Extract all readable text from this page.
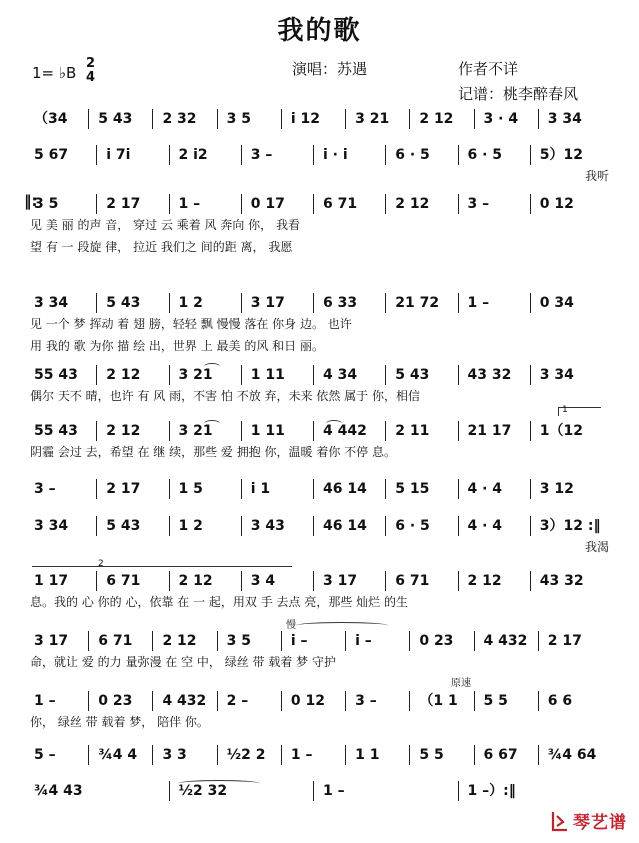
我的歌
1= ♭B
2
4	演唱：苏遇	作者不详
记谱：桃李醉春风
（34 5 43 2 32 3 5	i 12	3 21 2 12 3 · 4 3 34
5 67	i 7i	2 i2	3 –	i · i	6 · 5	6 · 5	5）12
我听
3 5	2 17	1 –	0 17	6 71	2 12	3 –	0 12
见 美 丽 的声 音， 穿过 云 乘着 风 奔向 你， 我看
望 有 一 段旋 律， 拉近 我们之 间的距 离， 我愿
3 34	5 43	1 2	3 17	6 33	21 72 1 –	0 34
见 一个 梦 挥动 着 翅 膀，轻轻 飘 慢慢 落在 你身 边。 也许
用 我的 歌 为你 描 绘 出，世界 上 最美 的风 和日 丽。
55 43 2 12	3 21	1 11	4 34	5 43	43 32 3 34
偶尔 天不 晴，也许 有 风 雨，不害 怕 不放 弃，未来 依然 属于 你，相信
55 43 2 12	3 21	1 11	4 442 2 11	21 17 1（12
阴霾 会过 去，希望 在 继 续，那些 爱 拥抱 你，温暖 着你 不停 息。
3 –	2 17	1 5	i 1	46 14 5 15	4 · 4	3 12
3 34	5 43	1 2	3 43	46 14 6 · 5	4 · 4	3）12 :‖
我渴
1 17	6 71	2 12	3 4	3 17	6 71	2 12	43 32
息。我的 心 你的 心，依靠 在 一 起，用双 手 去点 亮，那些 灿烂 的生
3 17 6 71 2 12 3 5	i –	i –	0 23 4 432 2 17
命，就让 爱 的力 量弥漫 在 空 中， 绿丝 带 载着 梦 守护
1 –	0 23 4 432 2 –	0 12 3 –	（1 1 5 5	6 6
你， 绿丝 带 载着 梦， 陪伴 你。
5 –	¾4 4 3 3	½2 2 1 –	1 1	5 5	6 67 ¾4 64
¾4 43	½2 32	1 –	1 –）:‖
‖:
慢
原速
1
2
琴艺谱
